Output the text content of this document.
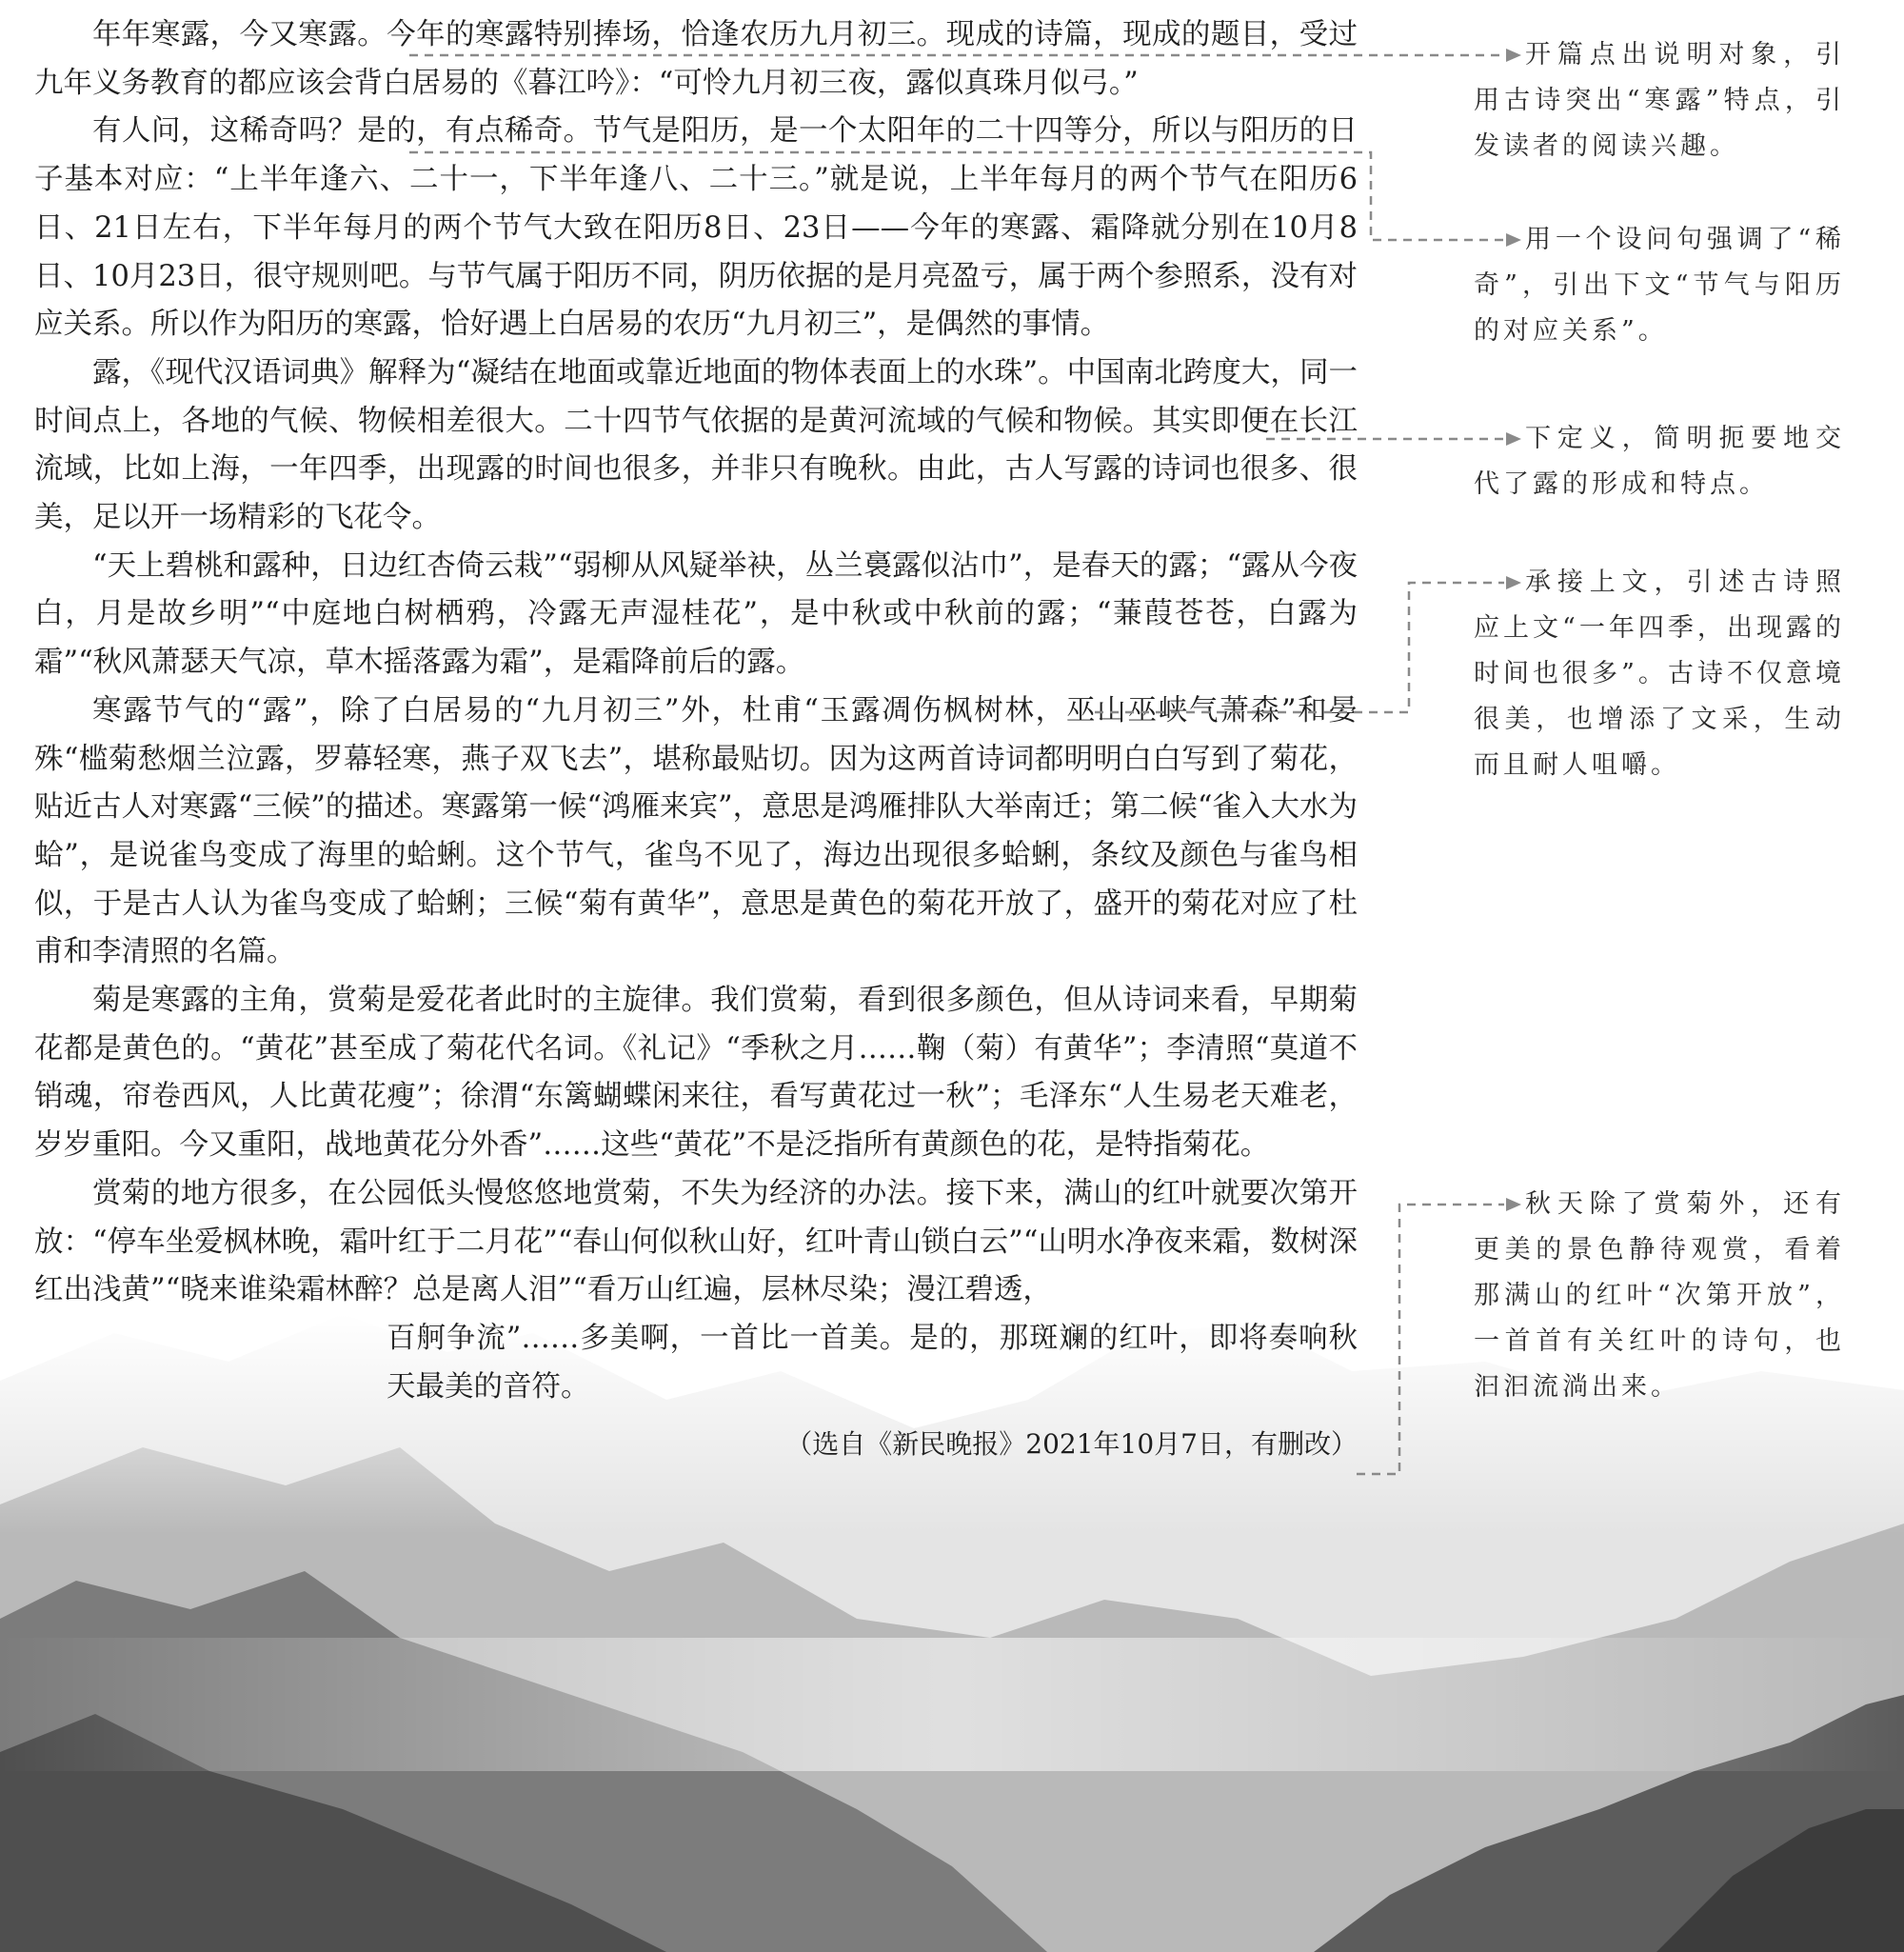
年年寒露，今又寒露。今年的寒露特别捧场，恰逢农历九月初三。现成的诗篇，现成的题目，受过九年义务教育的都应该会背白居易的《暮江吟》：“可怜九月初三夜，露似真珠月似弓。”

有人问，这稀奇吗？是的，有点稀奇。节气是阳历，是一个太阳年的二十四等分，所以与阳历的日子基本对应：“上半年逢六、二十一，下半年逢八、二十三。”就是说，上半年每月的两个节气在阳历6日、21日左右，下半年每月的两个节气大致在阳历8日、23日——今年的寒露、霜降就分别在10月8日、10月23日，很守规则吧。与节气属于阳历不同，阴历依据的是月亮盈亏，属于两个参照系，没有对应关系。所以作为阳历的寒露，恰好遇上白居易的农历“九月初三”，是偶然的事情。

露，《现代汉语词典》解释为“凝结在地面或靠近地面的物体表面上的水珠”。中国南北跨度大，同一时间点上，各地的气候、物候相差很大。二十四节气依据的是黄河流域的气候和物候。其实即便在长江流域，比如上海，一年四季，出现露的时间也很多，并非只有晚秋。由此，古人写露的诗词也很多、很美，足以开一场精彩的飞花令。

“天上碧桃和露种，日边红杏倚云栽”“弱柳从风疑举袂，丛兰裛露似沾巾”，是春天的露；“露从今夜白，月是故乡明”“中庭地白树栖鸦，冷露无声湿桂花”，是中秋或中秋前的露；“蒹葭苍苍，白露为霜”“秋风萧瑟天气凉，草木摇落露为霜”，是霜降前后的露。

寒露节气的“露”，除了白居易的“九月初三”外，杜甫“玉露凋伤枫树林，巫山巫峡气萧森”和晏殊“槛菊愁烟兰泣露，罗幕轻寒，燕子双飞去”，堪称最贴切。因为这两首诗词都明明白白写到了菊花，贴近古人对寒露“三候”的描述。寒露第一候“鸿雁来宾”，意思是鸿雁排队大举南迁；第二候“雀入大水为蛤”，是说雀鸟变成了海里的蛤蜊。这个节气，雀鸟不见了，海边出现很多蛤蜊，条纹及颜色与雀鸟相似，于是古人认为雀鸟变成了蛤蜊；三候“菊有黄华”，意思是黄色的菊花开放了，盛开的菊花对应了杜甫和李清照的名篇。

菊是寒露的主角，赏菊是爱花者此时的主旋律。我们赏菊，看到很多颜色，但从诗词来看，早期菊花都是黄色的。“黄花”甚至成了菊花代名词。《礼记》“季秋之月……鞠（菊）有黄华”；李清照“莫道不销魂，帘卷西风，人比黄花瘦”；徐渭“东篱蝴蝶闲来往，看写黄花过一秋”；毛泽东“人生易老天难老，岁岁重阳。今又重阳，战地黄花分外香”……这些“黄花”不是泛指所有黄颜色的花，是特指菊花。

赏菊的地方很多，在公园低头慢悠悠地赏菊，不失为经济的办法。接下来，满山的红叶就要次第开放：“停车坐爱枫林晚，霜叶红于二月花”“春山何似秋山好，红叶青山锁白云”“山明水净夜来霜，数树深红出浅黄”“晓来谁染霜林醉？总是离人泪”“看万山红遍，层林尽染；漫江碧透，

百舸争流”……多美啊，一首比一首美。是的，那斑斓的红叶，即将奏响秋天最美的音符。

（选自《新民晚报》2021年10月7日，有删改）

开篇点出说明对象，引用古诗突出“寒露”特点，引发读者的阅读兴趣。
用一个设问句强调了“稀奇”，引出下文“节气与阳历的对应关系”。
下定义，简明扼要地交代了露的形成和特点。
承接上文，引述古诗照应上文“一年四季，出现露的时间也很多”。古诗不仅意境很美，也增添了文采，生动而且耐人咀嚼。
秋天除了赏菊外，还有更美的景色静待观赏，看着那满山的红叶“次第开放”，一首首有关红叶的诗句，也汩汩流淌出来。
